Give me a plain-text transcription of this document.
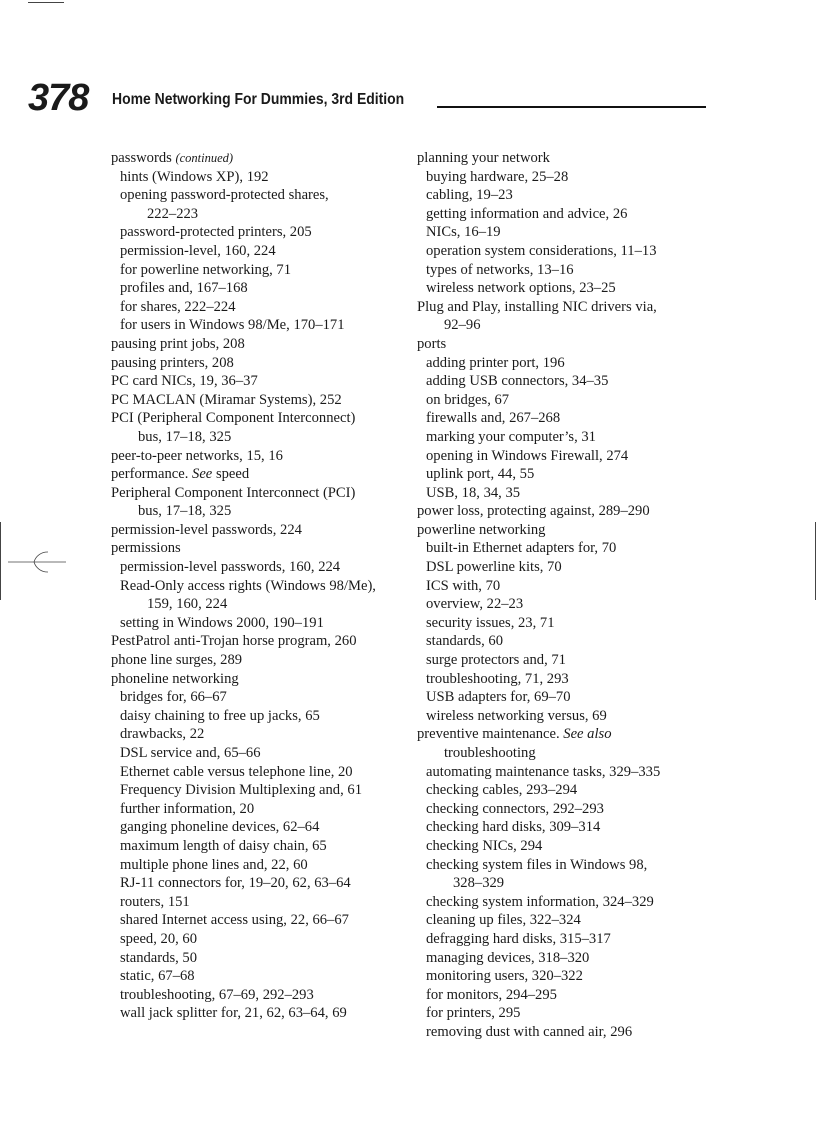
378 Home Networking For Dummies, 3rd Edition
passwords (continued)
hints (Windows XP), 192
opening password-protected shares,
222–223
password-protected printers, 205
permission-level, 160, 224
for powerline networking, 71
profiles and, 167–168
for shares, 222–224
for users in Windows 98/Me, 170–171
pausing print jobs, 208
pausing printers, 208
PC card NICs, 19, 36–37
PC MACLAN (Miramar Systems), 252
PCI (Peripheral Component Interconnect)
bus, 17–18, 325
peer-to-peer networks, 15, 16
performance. See speed
Peripheral Component Interconnect (PCI)
bus, 17–18, 325
permission-level passwords, 224
permissions
permission-level passwords, 160, 224
Read-Only access rights (Windows 98/Me),
159, 160, 224
setting in Windows 2000, 190–191
PestPatrol anti-Trojan horse program, 260
phone line surges, 289
phoneline networking
bridges for, 66–67
daisy chaining to free up jacks, 65
drawbacks, 22
DSL service and, 65–66
Ethernet cable versus telephone line, 20
Frequency Division Multiplexing and, 61
further information, 20
ganging phoneline devices, 62–64
maximum length of daisy chain, 65
multiple phone lines and, 22, 60
RJ-11 connectors for, 19–20, 62, 63–64
routers, 151
shared Internet access using, 22, 66–67
speed, 20, 60
standards, 50
static, 67–68
troubleshooting, 67–69, 292–293
wall jack splitter for, 21, 62, 63–64, 69
planning your network
buying hardware, 25–28
cabling, 19–23
getting information and advice, 26
NICs, 16–19
operation system considerations, 11–13
types of networks, 13–16
wireless network options, 23–25
Plug and Play, installing NIC drivers via,
92–96
ports
adding printer port, 196
adding USB connectors, 34–35
on bridges, 67
firewalls and, 267–268
marking your computer’s, 31
opening in Windows Firewall, 274
uplink port, 44, 55
USB, 18, 34, 35
power loss, protecting against, 289–290
powerline networking
built-in Ethernet adapters for, 70
DSL powerline kits, 70
ICS with, 70
overview, 22–23
security issues, 23, 71
standards, 60
surge protectors and, 71
troubleshooting, 71, 293
USB adapters for, 69–70
wireless networking versus, 69
preventive maintenance. See also
troubleshooting
automating maintenance tasks, 329–335
checking cables, 293–294
checking connectors, 292–293
checking hard disks, 309–314
checking NICs, 294
checking system files in Windows 98,
328–329
checking system information, 324–329
cleaning up files, 322–324
defragging hard disks, 315–317
managing devices, 318–320
monitoring users, 320–322
for monitors, 294–295
for printers, 295
removing dust with canned air, 296
